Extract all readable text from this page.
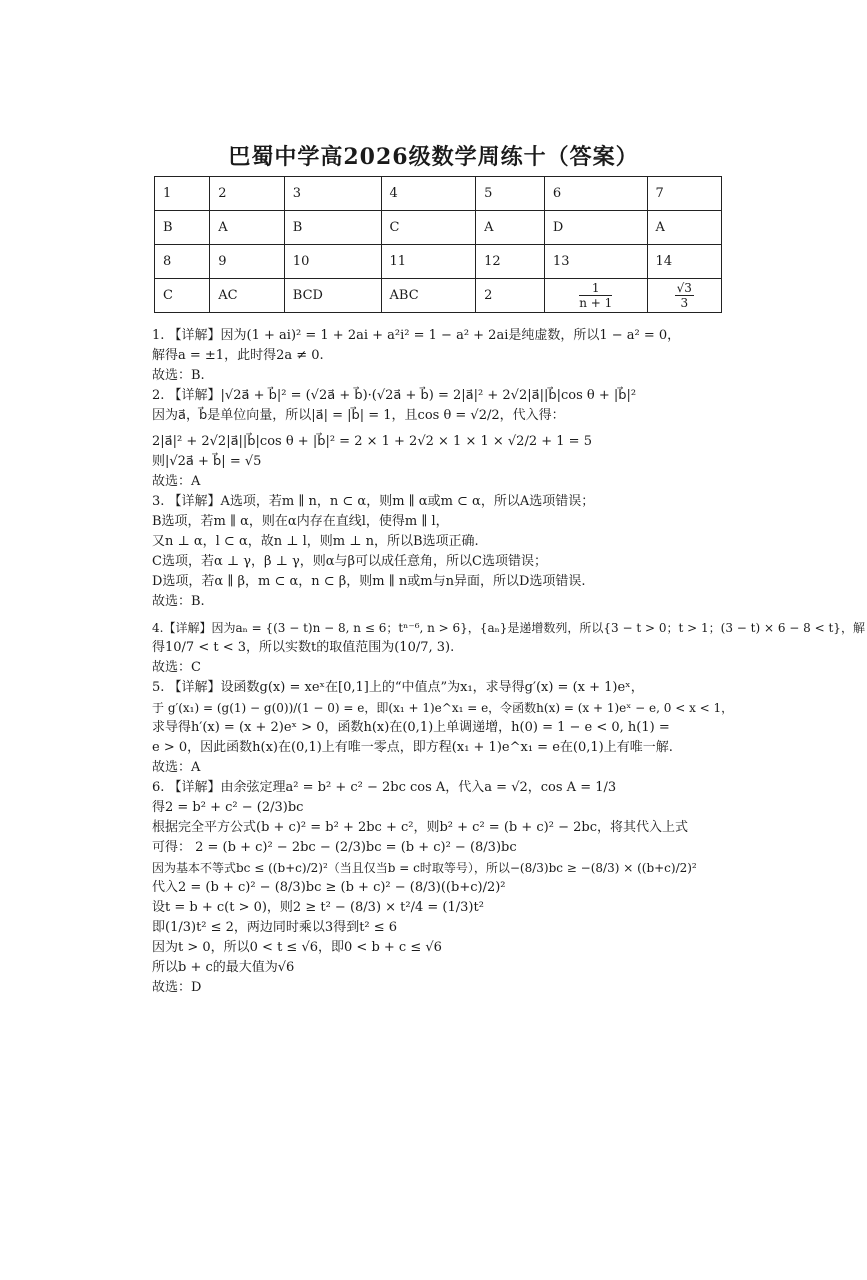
巴蜀中学高2026级数学周练十（答案）
1	2	3	4	5	6	7
B	A	B	C	A	D	A
8	9	10	11	12	13	14
C	AC	BCD	ABC	2	$\frac{1}{n + 1}$	$\frac{√3}{3}$

1. 【详解】因为(1 + ai)² = 1 + 2ai + a²i² = 1 − a² + 2ai是纯虚数，所以1 − a² = 0，

解得a = ±1，此时得2a ≠ 0.

故选：B.

2. 【详解】|√2a⃗ + b⃗|² = (√2a⃗ + b⃗)·(√2a⃗ + b⃗) = 2|a⃗|² + 2√2|a⃗||b⃗|cos θ + |b⃗|²

因为a⃗，b⃗是单位向量，所以|a⃗| = |b⃗| = 1，且cos θ = √2/2，代入得：

2|a⃗|² + 2√2|a⃗||b⃗|cos θ + |b⃗|² = 2 × 1 + 2√2 × 1 × 1 × √2/2 + 1 = 5

则|√2a⃗ + b⃗| = √5

故选：A

3. 【详解】A选项，若m ∥ n，n ⊂ α，则m ∥ α或m ⊂ α，所以A选项错误；

B选项，若m ∥ α，则在α内存在直线l，使得m ∥ l，

又n ⊥ α，l ⊂ α，故n ⊥ l，则m ⊥ n，所以B选项正确.

C选项，若α ⊥ γ，β ⊥ γ，则α与β可以成任意角，所以C选项错误；

D选项，若α ∥ β，m ⊂ α，n ⊂ β，则m ∥ n或m与n异面，所以D选项错误.

故选：B.

4.【详解】因为aₙ = {(3 − t)n − 8, n ≤ 6；tⁿ⁻⁶, n > 6}，{aₙ}是递增数列，所以{3 − t > 0；t > 1；(3 − t) × 6 − 8 < t}，解

得10/7 < t < 3，所以实数t的取值范围为(10/7, 3).

故选：C

5. 【详解】设函数g(x) = xeˣ在[0,1]上的“中值点”为x₁，求导得g′(x) = (x + 1)eˣ，

于 g′(x₁) = (g(1) − g(0))/(1 − 0) = e，即(x₁ + 1)e^x₁ = e，令函数h(x) = (x + 1)eˣ − e, 0 < x < 1，

求导得h′(x) = (x + 2)eˣ > 0，函数h(x)在(0,1)上单调递增，h(0) = 1 − e < 0, h(1) =

e > 0，因此函数h(x)在(0,1)上有唯一零点，即方程(x₁ + 1)e^x₁ = e在(0,1)上有唯一解.

故选：A

6. 【详解】由余弦定理a² = b² + c² − 2bc cos A，代入a = √2，cos A = 1/3

得2 = b² + c² − (2/3)bc

根据完全平方公式(b + c)² = b² + 2bc + c²，则b² + c² = (b + c)² − 2bc，将其代入上式

可得： 2 = (b + c)² − 2bc − (2/3)bc = (b + c)² − (8/3)bc

因为基本不等式bc ≤ ((b+c)/2)²（当且仅当b = c时取等号），所以−(8/3)bc ≥ −(8/3) × ((b+c)/2)²

代入2 = (b + c)² − (8/3)bc ≥ (b + c)² − (8/3)((b+c)/2)²

设t = b + c(t > 0)，则2 ≥ t² − (8/3) × t²/4 = (1/3)t²

即(1/3)t² ≤ 2，两边同时乘以3得到t² ≤ 6

因为t > 0，所以0 < t ≤ √6，即0 < b + c ≤ √6

所以b + c的最大值为√6

故选：D
